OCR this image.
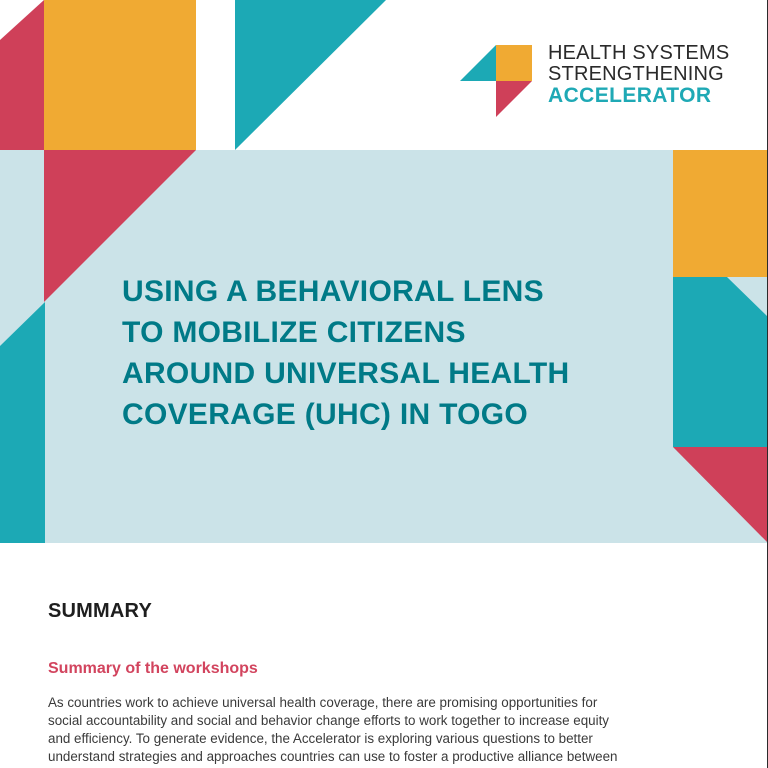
HEALTH SYSTEMS
STRENGTHENING
ACCELERATOR
USING A BEHAVIORAL LENS
TO MOBILIZE CITIZENS
AROUND UNIVERSAL HEALTH
COVERAGE (UHC) IN TOGO
SUMMARY
Summary of the workshops

As countries work to achieve universal health coverage, there are promising opportunities for
social accountability and social and behavior change efforts to work together to increase equity
and efficiency. To generate evidence, the Accelerator is exploring various questions to better
understand strategies and approaches countries can use to foster a productive alliance between
